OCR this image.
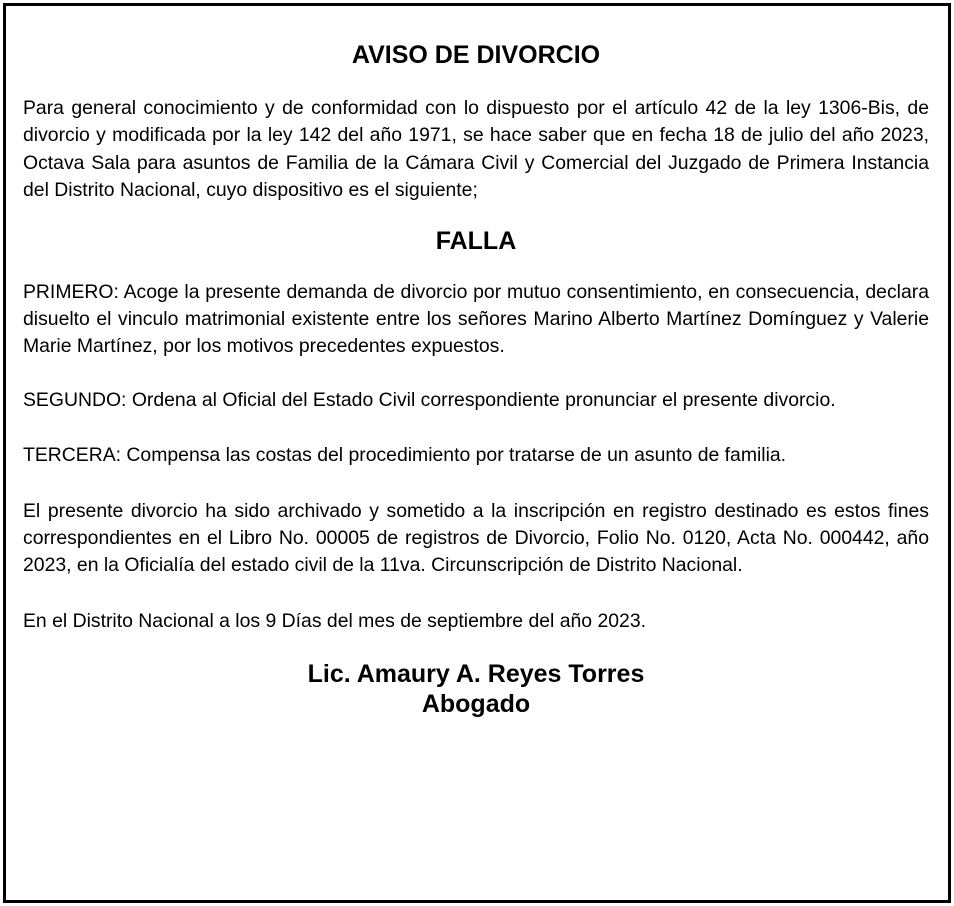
AVISO DE DIVORCIO

Para general conocimiento y de conformidad con lo dispuesto por el artículo 42 de la ley 1306-Bis, de divorcio y modificada por la ley 142 del año 1971, se hace saber que en fecha 18 de julio del año 2023, Octava Sala para asuntos de Familia de la Cámara Civil y Comercial del Juzgado de Primera Instancia del Distrito Nacional, cuyo dispositivo es el siguiente;

FALLA

PRIMERO: Acoge la presente demanda de divorcio por mutuo consentimiento, en consecuencia, declara disuelto el vinculo matrimonial existente entre los señores Marino Alberto Martínez Domínguez y Valerie Marie Martínez, por los motivos precedentes expuestos.

SEGUNDO: Ordena al Oficial del Estado Civil correspondiente pronunciar el presente divorcio.

TERCERA: Compensa las costas del procedimiento por tratarse de un asunto de familia.

El presente divorcio ha sido archivado y sometido a la inscripción en registro destinado es estos fines correspondientes en el Libro No. 00005 de registros de Divorcio, Folio No. 0120, Acta No. 000442, año 2023, en la Oficialía del estado civil de la 11va. Circunscripción de Distrito Nacional.

En el Distrito Nacional a los 9 Días del mes de septiembre del año 2023.

Lic. Amaury A. Reyes Torres
Abogado
